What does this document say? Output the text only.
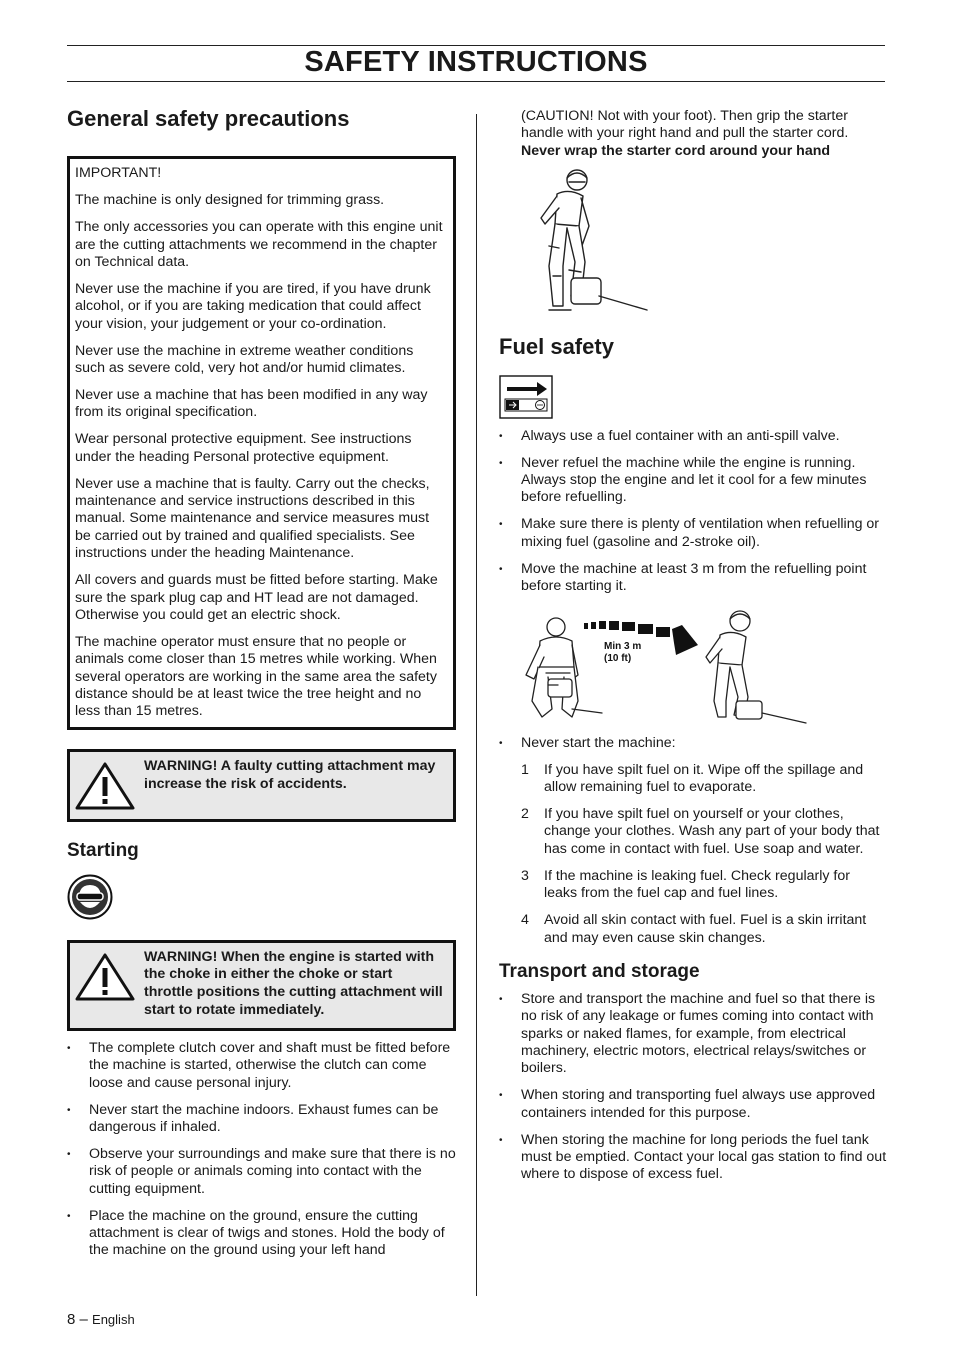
SAFETY INSTRUCTIONS
General safety precautions

IMPORTANT!

The machine is only designed for trimming grass.

The only accessories you can operate with this engine unit are the cutting attachments we recommend in the chapter on Technical data.

Never use the machine if you are tired, if you have drunk alcohol, or if you are taking medication that could affect your vision, your judgement or your co-ordination.

Never use the machine in extreme weather conditions such as severe cold, very hot and/or humid climates.

Never use a machine that has been modified in any way from its original specification.

Wear personal protective equipment. See instructions under the heading Personal protective equipment.

Never use a machine that is faulty. Carry out the checks, maintenance and service instructions described in this manual. Some maintenance and service measures must be carried out by trained and qualified specialists. See instructions under the heading Maintenance.

All covers and guards must be fitted before starting. Make sure the spark plug cap and HT lead are not damaged. Otherwise you could get an electric shock.

The machine operator must ensure that no people or animals come closer than 15 metres while working. When several operators are working in the same area the safety distance should be at least twice the tree height and no less than 15 metres.

WARNING! A faulty cutting attachment may increase the risk of accidents.

Starting

WARNING! When the engine is started with the choke in either the choke or start throttle positions the cutting attachment will start to rotate immediately.

• The complete clutch cover and shaft must be fitted before the machine is started, otherwise the clutch can come loose and cause personal injury.
• Never start the machine indoors. Exhaust fumes can be dangerous if inhaled.
• Observe your surroundings and make sure that there is no risk of people or animals coming into contact with the cutting equipment.
• Place the machine on the ground, ensure the cutting attachment is clear of twigs and stones. Hold the body of the machine on the ground using your left hand

(CAUTION! Not with your foot). Then grip the starter handle with your right hand and pull the starter cord. Never wrap the starter cord around your hand

Fuel safety
• Always use a fuel container with an anti-spill valve.
• Never refuel the machine while the engine is running. Always stop the engine and let it cool for a few minutes before refuelling.
• Make sure there is plenty of ventilation when refuelling or mixing fuel (gasoline and 2-stroke oil).
• Move the machine at least 3 m from the refuelling point before starting it.
Min 3 m
(10 ft)
• Never start the machine:
1 If you have spilt fuel on it. Wipe off the spillage and allow remaining fuel to evaporate.
2 If you have spilt fuel on yourself or your clothes, change your clothes. Wash any part of your body that has come in contact with fuel. Use soap and water.
3 If the machine is leaking fuel. Check regularly for leaks from the fuel cap and fuel lines.
4 Avoid all skin contact with fuel. Fuel is a skin irritant and may even cause skin changes.
Transport and storage
• Store and transport the machine and fuel so that there is no risk of any leakage or fumes coming into contact with sparks or naked flames, for example, from electrical machinery, electric motors, electrical relays/switches or boilers.
• When storing and transporting fuel always use approved containers intended for this purpose.
• When storing the machine for long periods the fuel tank must be emptied. Contact your local gas station to find out where to dispose of excess fuel.
8 – English
